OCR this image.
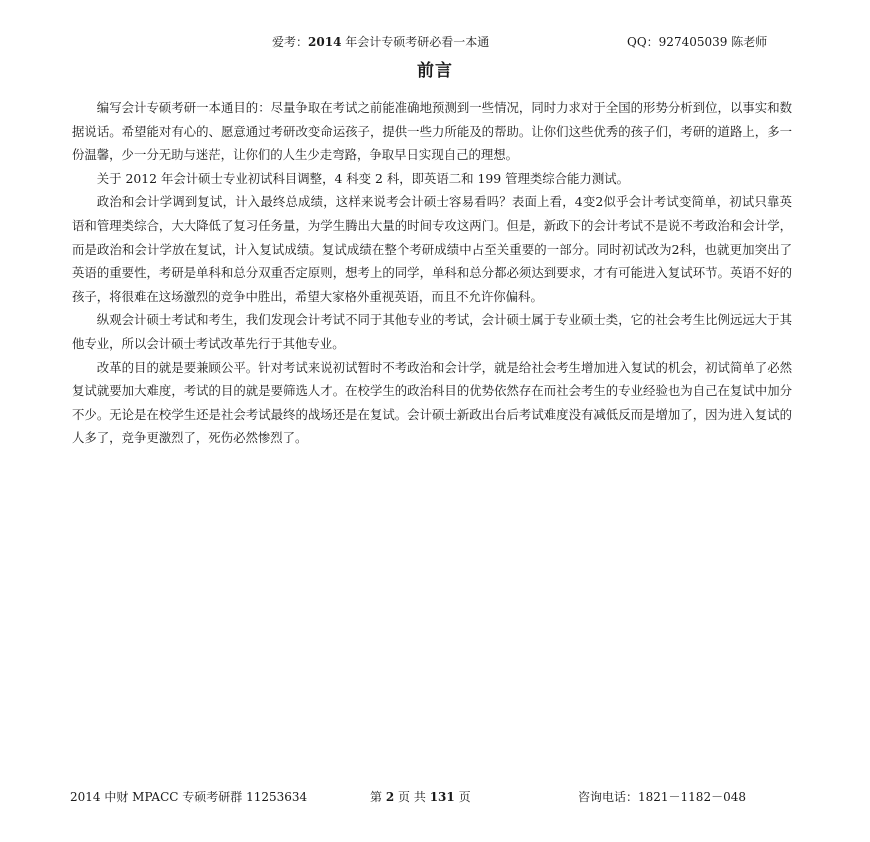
爱考：2014 年会计专硕考研必看一本通	QQ：927405039 陈老师
前言

编写会计专硕考研一本通目的：尽量争取在考试之前能准确地预测到一些情况，同时力求对于全国的形势分析到位，以事实和数据说话。希望能对有心的、愿意通过考研改变命运孩子，提供一些力所能及的帮助。让你们这些优秀的孩子们，考研的道路上，多一份温馨，少一分无助与迷茫，让你们的人生少走弯路，争取早日实现自己的理想。

关于 2012 年会计硕士专业初试科目调整，4 科变 2 科，即英语二和 199 管理类综合能力测试。

政治和会计学调到复试，计入最终总成绩，这样来说考会计硕士容易看吗？表面上看，4变2似乎会计考试变简单，初试只靠英语和管理类综合，大大降低了复习任务量，为学生腾出大量的时间专攻这两门。但是，新政下的会计考试不是说不考政治和会计学，而是政治和会计学放在复试，计入复试成绩。复试成绩在整个考研成绩中占至关重要的一部分。同时初试改为2科，也就更加突出了英语的重要性，考研是单科和总分双重否定原则，想考上的同学，单科和总分都必须达到要求，才有可能进入复试环节。英语不好的孩子，将很难在这场激烈的竞争中胜出，希望大家格外重视英语，而且不允许你偏科。

纵观会计硕士考试和考生，我们发现会计考试不同于其他专业的考试，会计硕士属于专业硕士类，它的社会考生比例远远大于其他专业，所以会计硕士考试改革先行于其他专业。

改革的目的就是要兼顾公平。针对考试来说初试暂时不考政治和会计学，就是给社会考生增加进入复试的机会，初试简单了必然复试就要加大难度，考试的目的就是要筛选人才。在校学生的政治科目的优势依然存在而社会考生的专业经验也为自己在复试中加分不少。无论是在校学生还是社会考试最终的战场还是在复试。会计硕士新政出台后考试难度没有减低反而是增加了，因为进入复试的人多了，竞争更激烈了，死伤必然惨烈了。

2014 中财 MPACC 专硕考研群 11253634	第 2 页 共 131 页	咨询电话：1821－1182－048
